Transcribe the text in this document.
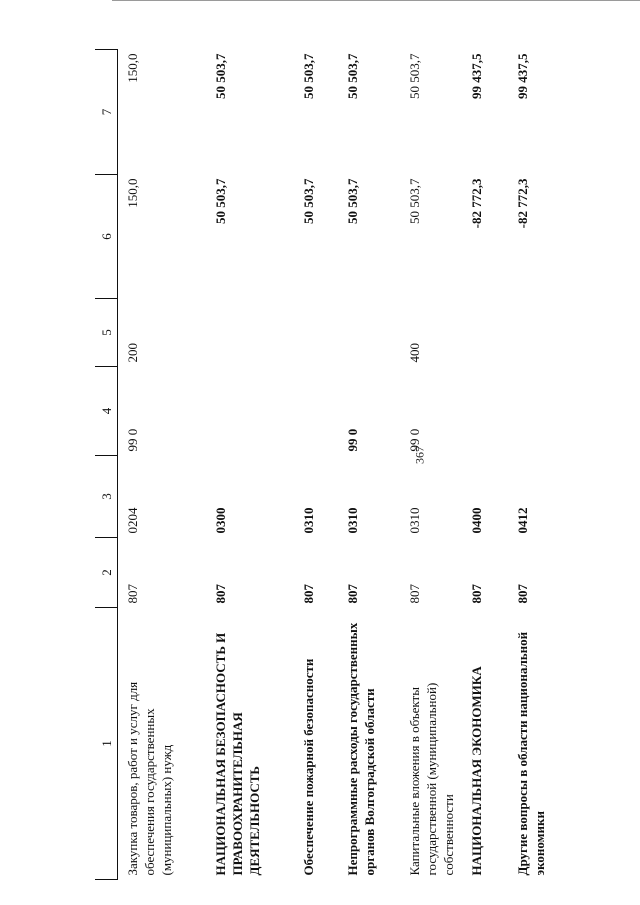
367
1	2	3	4	5	6	7
Закупка товаров, работ и услуг для обеспечения государственных (муниципальных) нужд	807	0204	99 0	200	150,0	150,0
НАЦИОНАЛЬНАЯ БЕЗОПАСНОСТЬ И ПРАВООХРАНИТЕЛЬНАЯ ДЕЯТЕЛЬНОСТЬ	807	0300			50 503,7	50 503,7
Обеспечение пожарной безопасности	807	0310			50 503,7	50 503,7
Непрограммные расходы государственных органов Волгоградской области	807	0310	99 0		50 503,7	50 503,7
Капитальные вложения в объекты государственной (муниципальной) собственности	807	0310	99 0	400	50 503,7	50 503,7
НАЦИОНАЛЬНАЯ ЭКОНОМИКА	807	0400			-82 772,3	99 437,5
Другие вопросы в области национальной экономики	807	0412			-82 772,3	99 437,5
